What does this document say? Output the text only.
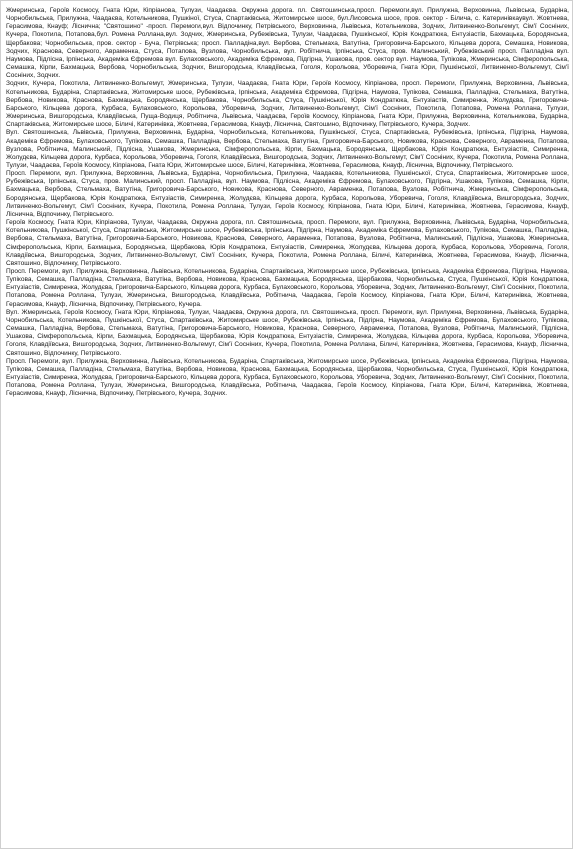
Жмеринська, Героїв Космосу, Гната Юри, Кіпріанова, Тулузи, Чаадаєва. Окружна дорога. пл. Святошинська,просп. Перемоги,вул. Прилужна, Верховинна, Львівська, Бударіна, Чорнобильська, Прилужна, Чаадаєва, Котельникова, Пушкіної, Стуса, Спартаківська, Житомирське шосе, бул.Лисовська шосе, пров. сектор - Білича, с. Катеринівкаувул. Жовтнева, Герасимова, Кнауф; Ліснична; "Святошино" -просп. Перемоги,вул. Відпочинку, Петрівського, Верховинна, Львівська, Котельникова, Зодчих, Литвиненко-Вольгемут, Сім'ї Сосніних, Кучера, Покотила, Потапова,бул. Ромена Роллана,вул. Зодчих, Жмеринська, Рубежівська, Тулузи, Чаадаєва, Пушкінської, Юрія Кондратюка, Ентузіастів, Бахмацька, Бородянська, Щербакова; Чорнобильська, пров. сектор - Буча, Петрівська; просп. Палладіна,вул. Вербова, Стельмаха, Ватутіна, Григоровича-Барського, Кільцева дорога, Семашка, Новикова, Зодчих, Краснова, Северного, Авраменка, Стуса, Потапова, Вузлова, Чорнобильська, вул. Робітнича, Ірпінська, Стуса, пров. Малинський, Рубежівський просп. Палладіна вул. Наумова, Підлісна, Ірпінська, Академіка Єфремова вул. Булаховського, Академіка Єфремова, Підгірна, Ушакова, пров. сектор вул. Наумова, Тупікова, Жмеринська, Сімферопольська, Семашка, Кірпи, Бахмацька, Вербова, Чорнобильська, Зодчих, Вишгородська, Клавдіївська, Гоголя, Корольова, Уборевича, Гната Юри, Пушкінської, Литвиненко-Вольгемут, Сім'ї Сосніних, Зодчих.

Зодчих, Кучера, Покотила, Литвиненко-Вольгемут, Жмеринська, Тулузи, Чаадаєва, Гната Юри, Героїв Космосу, Кіпріанова, просп. Перемоги, Прилужна, Верховинна, Львівська, Котельникова, Бударіна, Спартаківська, Житомирське шосе, Рубежівська, Ірпінська, Академіка Єфремова, Підгірна, Наумова, Тупікова, Семашка, Палладіна, Стельмаха, Ватутіна, Вербова, Новикова, Краснова, Бахмацька, Бородянська, Щербакова, Чорнобильська, Стуса, Пушкінської, Юрія Кондратюка, Ентузіастів, Симиренка, Жолудєва, Григоровича-Барського, Кільцева дорога, Курбаса, Булаховського, Корольова, Уборевича, Зодчих, Литвиненко-Вольгемут, Сім'ї Сосніних, Покотила, Потапова, Ромена Роллана, Тулузи, Жмеринська, Вишгородська, Клавдіївська, Пуща-Водиця, Робітнича, Львівська, Чаадаєва, Героїв Космосу, Кіпріанова, Гната Юри, Прилужна, Верховинна, Котельникова, Бударіна, Спартаківська, Житомирське шосе, Біличі, Катеринівка, Жовтнева, Герасимова, Кнауф, Ліснична, Святошино, Відпочинку, Петрівського, Кучера, Зодчих.

Вул. Святошинська, Львівська, Прилужна, Верховинна, Бударіна, Чорнобильська, Котельникова, Пушкінської, Стуса, Спартаківська, Рубежівська, Ірпінська, Підгірна, Наумова, Академіка Єфремова, Булаховського, Тупікова, Семашка, Палладіна, Вербова, Стельмаха, Ватутіна, Григоровича-Барського, Новикова, Краснова, Северного, Авраменка, Потапова, Вузлова, Робітнича, Малинський, Підлісна, Ушакова, Жмеринська, Сімферопольська, Кірпи, Бахмацька, Бородянська, Щербакова, Юрія Кондратюка, Ентузіастів, Симиренка, Жолудєва, Кільцева дорога, Курбаса, Корольова, Уборевича, Гоголя, Клавдіївська, Вишгородська, Зодчих, Литвиненко-Вольгемут, Сім'ї Сосніних, Кучера, Покотила, Ромена Роллана, Тулузи, Чаадаєва, Героїв Космосу, Кіпріанова, Гната Юри, Житомирське шосе, Біличі, Катеринівка, Жовтнева, Герасимова, Кнауф, Ліснична, Відпочинку, Петрівського.

Просп. Перемоги, вул. Прилужна, Верховинна, Львівська, Бударіна, Чорнобильська, Прилужна, Чаадаєва, Котельникова, Пушкінської, Стуса, Спартаківська, Житомирське шосе, Рубежівська, Ірпінська, Стуса, пров. Малинський, просп. Палладіна, вул. Наумова, Підлісна, Академіка Єфремова, Булаховського, Підгірна, Ушакова, Тупікова, Семашка, Кірпи, Бахмацька, Вербова, Стельмаха, Ватутіна, Григоровича-Барського, Новикова, Краснова, Северного, Авраменка, Потапова, Вузлова, Робітнича, Жмеринська, Сімферопольська, Бородянська, Щербакова, Юрія Кондратюка, Ентузіастів, Симиренка, Жолудєва, Кільцева дорога, Курбаса, Корольова, Уборевича, Гоголя, Клавдіївська, Вишгородська, Зодчих, Литвиненко-Вольгемут, Сім'ї Сосніних, Кучера, Покотила, Ромена Роллана, Тулузи, Героїв Космосу, Кіпріанова, Гната Юри, Біличі, Катеринівка, Жовтнева, Герасимова, Кнауф, Ліснична, Відпочинку, Петрівського.

Героїв Космосу, Гната Юри, Кіпріанова, Тулузи, Чаадаєва, Окружна дорога, пл. Святошинська, просп. Перемоги, вул. Прилужна, Верховинна, Львівська, Бударіна, Чорнобильська, Котельникова, Пушкінської, Стуса, Спартаківська, Житомирське шосе, Рубежівська, Ірпінська, Підгірна, Наумова, Академіка Єфремова, Булаховського, Тупікова, Семашка, Палладіна, Вербова, Стельмаха, Ватутіна, Григоровича-Барського, Новикова, Краснова, Северного, Авраменка, Потапова, Вузлова, Робітнича, Малинський, Підлісна, Ушакова, Жмеринська, Сімферопольська, Кірпи, Бахмацька, Бородянська, Щербакова, Юрія Кондратюка, Ентузіастів, Симиренка, Жолудєва, Кільцева дорога, Курбаса, Корольова, Уборевича, Гоголя, Клавдіївська, Вишгородська, Зодчих, Литвиненко-Вольгемут, Сім'ї Сосніних, Кучера, Покотила, Ромена Роллана, Біличі, Катеринівка, Жовтнева, Герасимова, Кнауф, Ліснична, Святошино, Відпочинку, Петрівського.

Просп. Перемоги, вул. Прилужна, Верховинна, Львівська, Котельникова, Бударіна, Спартаківська, Житомирське шосе, Рубежівська, Ірпінська, Академіка Єфремова, Підгірна, Наумова, Тупікова, Семашка, Палладіна, Стельмаха, Ватутіна, Вербова, Новикова, Краснова, Бахмацька, Бородянська, Щербакова, Чорнобильська, Стуса, Пушкінської, Юрія Кондратюка, Ентузіастів, Симиренка, Жолудєва, Григоровича-Барського, Кільцева дорога, Курбаса, Булаховського, Корольова, Уборевича, Зодчих, Литвиненко-Вольгемут, Сім'ї Сосніних, Покотила, Потапова, Ромена Роллана, Тулузи, Жмеринська, Вишгородська, Клавдіївська, Робітнича, Чаадаєва, Героїв Космосу, Кіпріанова, Гната Юри, Біличі, Катеринівка, Жовтнева, Герасимова, Кнауф, Ліснична, Відпочинку, Петрівського, Кучера.

Вул. Жмеринська, Героїв Космосу, Гната Юри, Кіпріанова, Тулузи, Чаадаєва, Окружна дорога, пл. Святошинська, просп. Перемоги, вул. Прилужна, Верховинна, Львівська, Бударіна, Чорнобильська, Котельникова, Пушкінської, Стуса, Спартаківська, Житомирське шосе, Рубежівська, Ірпінська, Підгірна, Наумова, Академіка Єфремова, Булаховського, Тупікова, Семашка, Палладіна, Вербова, Стельмаха, Ватутіна, Григоровича-Барського, Новикова, Краснова, Северного, Авраменка, Потапова, Вузлова, Робітнича, Малинський, Підлісна, Ушакова, Сімферопольська, Кірпи, Бахмацька, Бородянська, Щербакова, Юрія Кондратюка, Ентузіастів, Симиренка, Жолудєва, Кільцева дорога, Курбаса, Корольова, Уборевича, Гоголя, Клавдіївська, Вишгородська, Зодчих, Литвиненко-Вольгемут, Сім'ї Сосніних, Кучера, Покотила, Ромена Роллана, Біличі, Катеринівка, Жовтнева, Герасимова, Кнауф, Ліснична, Святошино, Відпочинку, Петрівського.

Просп. Перемоги, вул. Прилужна, Верховинна, Львівська, Котельникова, Бударіна, Спартаківська, Житомирське шосе, Рубежівська, Ірпінська, Академіка Єфремова, Підгірна, Наумова, Тупікова, Семашка, Палладіна, Стельмаха, Ватутіна, Вербова, Новикова, Краснова, Бахмацька, Бородянська, Щербакова, Чорнобильська, Стуса, Пушкінської, Юрія Кондратюка, Ентузіастів, Симиренка, Жолудєва, Григоровича-Барського, Кільцева дорога, Курбаса, Булаховського, Корольова, Уборевича, Зодчих, Литвиненко-Вольгемут, Сім'ї Сосніних, Покотила, Потапова, Ромена Роллана, Тулузи, Жмеринська, Вишгородська, Клавдіївська, Робітнича, Чаадаєва, Героїв Космосу, Кіпріанова, Гната Юри, Біличі, Катеринівка, Жовтнева, Герасимова, Кнауф, Ліснична, Відпочинку, Петрівського, Кучера, Зодчих.
